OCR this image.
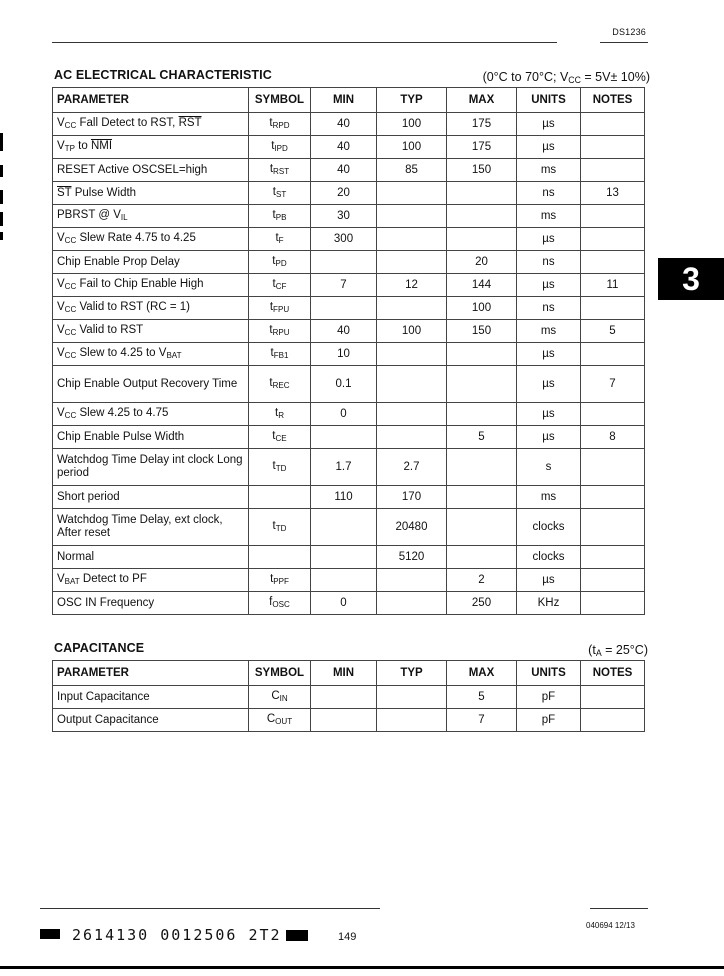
DS1236
3
AC ELECTRICAL CHARACTERISTIC	(0°C to 70°C; $V_{CC} = 5V\pm 10\%$)
PARAMETER	SYMBOL	MIN	TYP	MAX	UNITS	NOTES
$V_{CC}$ Fall Detect to RST, $\overline{RST}$	$t_{RPD}$	40	100	175	µs	
$V_{TP}$ to $\overline{NMI}$	$t_{IPD}$	40	100	175	µs	
RESET Active OSCSEL=high	$t_{RST}$	40	85	150	ms	
$\overline{ST}$ Pulse Width	$t_{ST}$	20			ns	13
PBRST @ $V_{IL}$	$t_{PB}$	30			ms	
$V_{CC}$ Slew Rate 4.75 to 4.25	$t_F$	300			µs	
Chip Enable Prop Delay	$t_{PD}$			20	ns	
$V_{CC}$ Fail to Chip Enable High	$t_{CF}$	7	12	144	µs	11
$V_{CC}$ Valid to RST (RC = 1)	$t_{FPU}$			100	ns	
$V_{CC}$ Valid to RST	$t_{RPU}$	40	100	150	ms	5
$V_{CC}$ Slew to 4.25 to $V_{BAT}$	$t_{FB1}$	10			µs	
Chip Enable Output Recovery Time	$t_{REC}$	0.1			µs	7
$V_{CC}$ Slew 4.25 to 4.75	$t_R$	0			µs	
Chip Enable Pulse Width	$t_{CE}$			5	µs	8
Watchdog Time Delay int clock Long period	$t_{TD}$	1.7	2.7		s	
Short period		110	170		ms	
Watchdog Time Delay, ext clock, After reset	$t_{TD}$		20480		clocks	
Normal			5120		clocks	
$V_{BAT}$ Detect to PF	$t_{PPF}$			2	µs	
OSC IN Frequency	$f_{OSC}$	0		250	KHz	
CAPACITANCE	$(t_A = 25^\circ C)$
PARAMETER	SYMBOL	MIN	TYP	MAX	UNITS	NOTES
Input Capacitance	$C_{IN}$			5	pF	
Output Capacitance	$C_{OUT}$			7	pF	
2614130 0012506 2T2	149
040694 12/13
